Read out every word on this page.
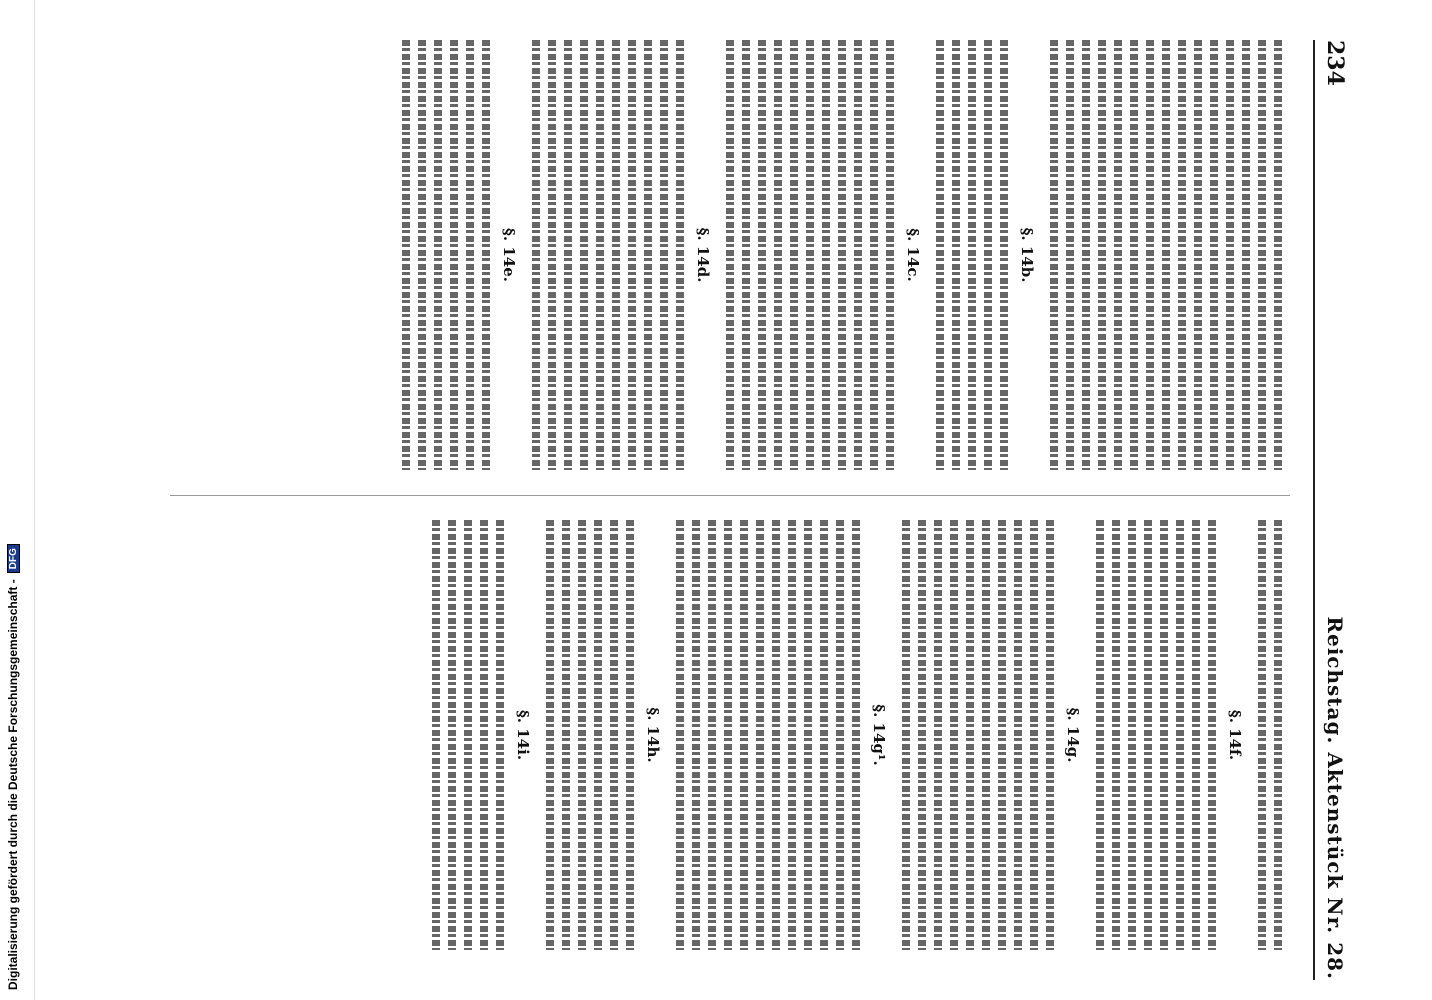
Digitalisierung gefördert durch die Deutsche Forschungsgemeinschaft -
DFG
234
Reichstag. Aktenstück Nr. 28.
§. 14b.
§. 14c.
§. 14d.
§. 14e.
§. 14f.
§. 14g.
§. 14g¹.
§. 14h.
§. 14i.
